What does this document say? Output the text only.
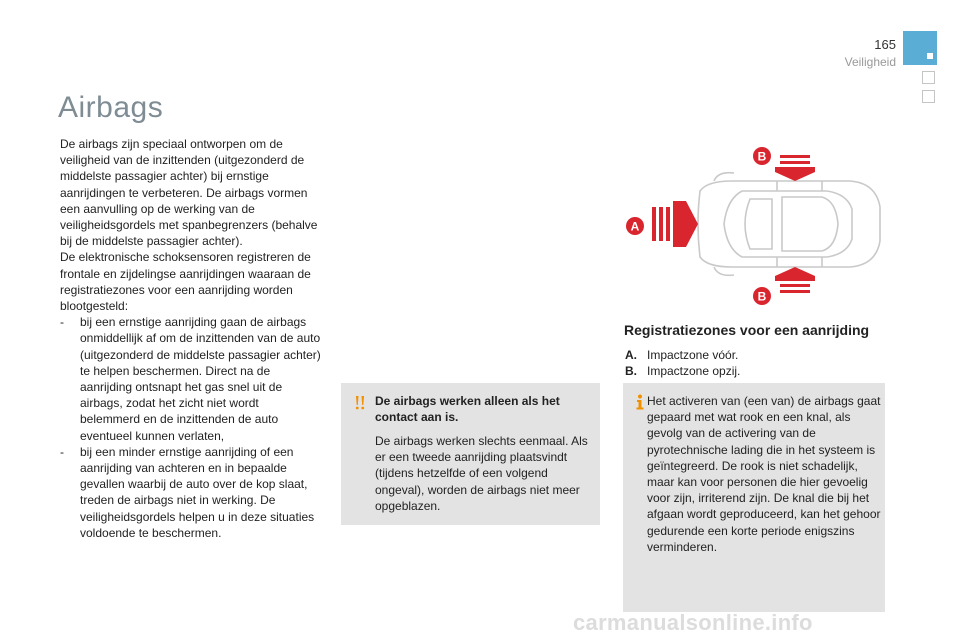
165
Veiligheid
Airbags

De airbags zijn speciaal ontworpen om de veiligheid van de inzittenden (uitgezonderd de middelste passagier achter) bij ernstige aanrijdingen te verbeteren. De airbags vormen een aanvulling op de werking van de veiligheidsgordels met spanbegrenzers (behalve bij de middelste passagier achter).

De elektronische schoksensoren registreren de frontale en zijdelingse aanrijdingen waaraan de registratiezones voor een aanrijding worden blootgesteld:

- bij een ernstige aanrijding gaan de airbags onmiddellijk af om de inzittenden van de auto (uitgezonderd de middelste passagier achter) te helpen beschermen. Direct na de aanrijding ontsnapt het gas snel uit de airbags, zodat het zicht niet wordt belemmerd en de inzittenden de auto eventueel kunnen verlaten,
- bij een minder ernstige aanrijding of een aanrijding van achteren en in bepaalde gevallen waarbij de auto over de kop slaat, treden de airbags niet in werking. De veiligheidsgordels helpen u in deze situaties voldoende te beschermen.

De airbags werken alleen als het contact aan is.

De airbags werken slechts eenmaal. Als er een tweede aanrijding plaatsvindt (tijdens hetzelfde of een volgend ongeval), worden de airbags niet meer opgeblazen.

A
B
B
Registratiezones voor een aanrijding
A. Impactzone vóór.
B. Impactzone opzij.

Het activeren van (een van) de airbags gaat gepaard met wat rook en een knal, als gevolg van de activering van de pyrotechnische lading die in het systeem is geïntegreerd. De rook is niet schadelijk, maar kan voor personen die hier gevoelig voor zijn, irriterend zijn. De knal die bij het afgaan wordt geproduceerd, kan het gehoor gedurende een korte periode enigszins verminderen.

carmanualsonline.info
